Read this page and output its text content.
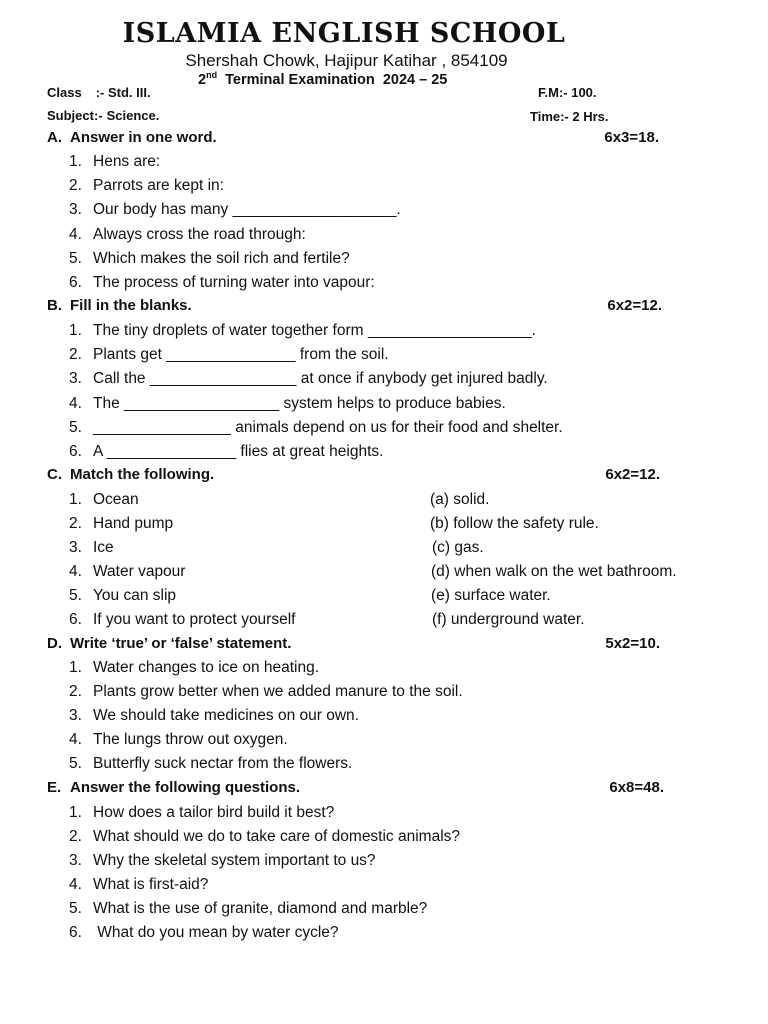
ISLAMIA ENGLISH SCHOOL
Shershah Chowk, Hajipur Katihar , 854109
2nd Terminal Examination 2024 – 25
Class :- Std. III.	F.M:- 100.
Subject:- Science.	Time:- 2 Hrs.
A. Answer in one word.	6x3=18.
1. Hens are:
2. Parrots are kept in:
3. Our body has many ___________________.
4. Always cross the road through:
5. Which makes the soil rich and fertile?
6. The process of turning water into vapour:
B. Fill in the blanks.	6x2=12.
1. The tiny droplets of water together form ___________________.
2. Plants get _______________ from the soil.
3. Call the _________________ at once if anybody get injured badly.
4. The __________________ system helps to produce babies.
5. ________________ animals depend on us for their food and shelter.
6. A _______________ flies at great heights.
C. Match the following.	6x2=12.
1. Ocean	(a) solid.
2. Hand pump	(b) follow the safety rule.
3. Ice	(c) gas.
4. Water vapour	(d) when walk on the wet bathroom.
5. You can slip	(e) surface water.
6. If you want to protect yourself	(f) underground water.
D. Write ‘true’ or ‘false’ statement.	5x2=10.
1. Water changes to ice on heating.
2. Plants grow better when we added manure to the soil.
3. We should take medicines on our own.
4. The lungs throw out oxygen.
5. Butterfly suck nectar from the flowers.
E. Answer the following questions.	6x8=48.
1. How does a tailor bird build it best?
2. What should we do to take care of domestic animals?
3. Why the skeletal system important to us?
4. What is first-aid?
5. What is the use of granite, diamond and marble?
6. What do you mean by water cycle?
